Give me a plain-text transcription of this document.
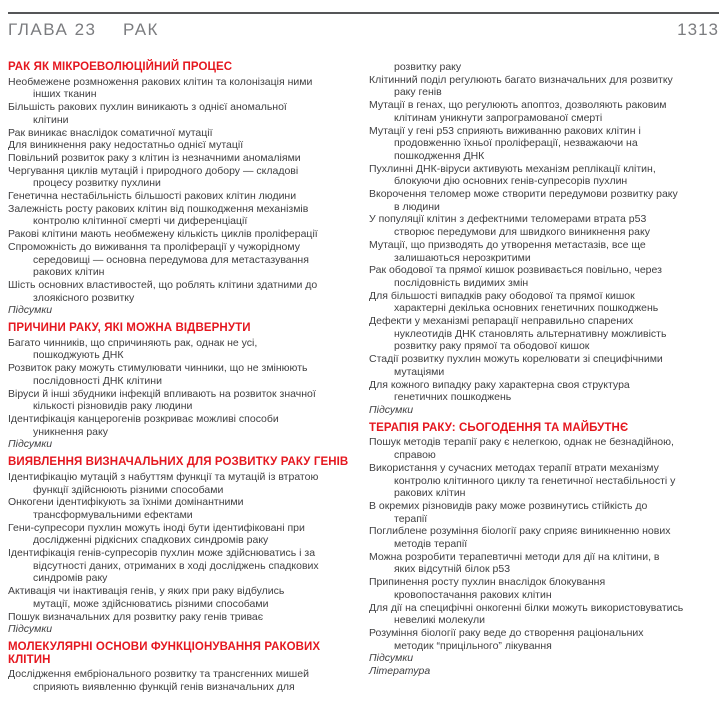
ГЛАВА 23	РАК	1313
РАК ЯК МІКРОЕВОЛЮЦІЙНИЙ ПРОЦЕС
Необмежене розмноження ракових клітин та колонізація ними
інших тканин
Більшість ракових пухлин виникають з однієї аномальної
клітини
Рак виникає внаслідок соматичної мутації
Для виникнення раку недостатньо однієї мутації
Повільний розвиток раку з клітин із незначними аномаліями
Чергування циклів мутацій і природного добору — складові
процесу розвитку пухлини
Генетична нестабільність більшості ракових клітин людини
Залежність росту ракових клітин від пошкодження механізмів
контролю клітинної смерті чи диференціації
Ракові клітини мають необмежену кількість циклів проліферації
Спроможність до виживання та проліферації у чужорідному
середовищі — основна передумова для метастазування
ракових клітин
Шість основних властивостей, що роблять клітини здатними до
злоякісного розвитку
Підсумки
ПРИЧИНИ РАКУ, ЯКІ МОЖНА ВІДВЕРНУТИ
Багато чинників, що спричиняють рак, однак не усі,
пошкоджують ДНК
Розвиток раку можуть стимулювати чинники, що не змінюють
послідовності ДНК клітини
Віруси й інші збудники інфекцій впливають на розвиток значної
кількості різновидів раку людини
Ідентифікація канцерогенів розкриває можливі способи
уникнення раку
Підсумки
ВИЯВЛЕННЯ ВИЗНАЧАЛЬНИХ ДЛЯ РОЗВИТКУ РАКУ ГЕНІВ
Ідентифікацію мутацій з набуттям функції та мутацій із втратою
функції здійснюють різними способами
Онкогени ідентифікують за їхніми домінантними
трансформувальними ефектами
Гени-супресори пухлин можуть іноді бути ідентифіковані при
дослідженні рідкісних спадкових синдромів раку
Ідентифікація генів-супресорів пухлин може здійснюватись і за
відсутності даних, отриманих в ході досліджень спадкових
синдромів раку
Активація чи інактивація генів, у яких при раку відбулись
мутації, може здійснюватись різними способами
Пошук визначальних для розвитку раку генів триває
Підсумки
МОЛЕКУЛЯРНІ ОСНОВИ ФУНКЦІОНУВАННЯ РАКОВИХ
КЛІТИН
Дослідження ембріонального розвитку та трансгенних мишей
сприяють виявленню функцій генів визначальних для
розвитку раку
Клітинний поділ регулюють багато визначальних для розвитку
раку генів
Мутації в генах, що регулюють апоптоз, дозволяють раковим
клітинам уникнути запрограмованої смерті
Мутації у гені p53 сприяють виживанню ракових клітин і
продовженню їхньої проліферації, незважаючи на
пошкодження ДНК
Пухлинні ДНК-віруси активують механізм реплікації клітин,
блокуючи дію основних генів-супресорів пухлин
Вкорочення теломер може створити передумови розвитку раку
в людини
У популяції клітин з дефектними теломерами втрата p53
створює передумови для швидкого виникнення раку
Мутації, що призводять до утворення метастазів, все ще
залишаються нерозкритими
Рак ободової та прямої кишок розвивається повільно, через
послідовність видимих змін
Для більшості випадків раку ободової та прямої кишок
характерні декілька основних генетичних пошкоджень
Дефекти у механізмі репарації неправильно спарених
нуклеотидів ДНК становлять альтернативну можливість
розвитку раку прямої та ободової кишок
Стадії розвитку пухлин можуть корелювати зі специфічними
мутаціями
Для кожного випадку раку характерна своя структура
генетичних пошкоджень
Підсумки
ТЕРАПІЯ РАКУ: СЬОГОДЕННЯ ТА МАЙБУТНЄ
Пошук методів терапії раку є нелегкою, однак не безнадійною,
справою
Використання у сучасних методах терапії втрати механізму
контролю клітинного циклу та генетичної нестабільності у
ракових клітин
В окремих різновидів раку може розвинутись стійкість до
терапії
Поглиблене розуміння біології раку сприяє виникненню нових
методів терапії
Можна розробити терапевтичні методи для дії на клітини, в
яких відсутній білок p53
Припинення росту пухлин внаслідок блокування
кровопостачання ракових клітин
Для дії на специфічні онкогенні білки можуть використовуватись
невеликі молекули
Розуміння біології раку веде до створення раціональних
методик “прицільного” лікування
Підсумки
Література
